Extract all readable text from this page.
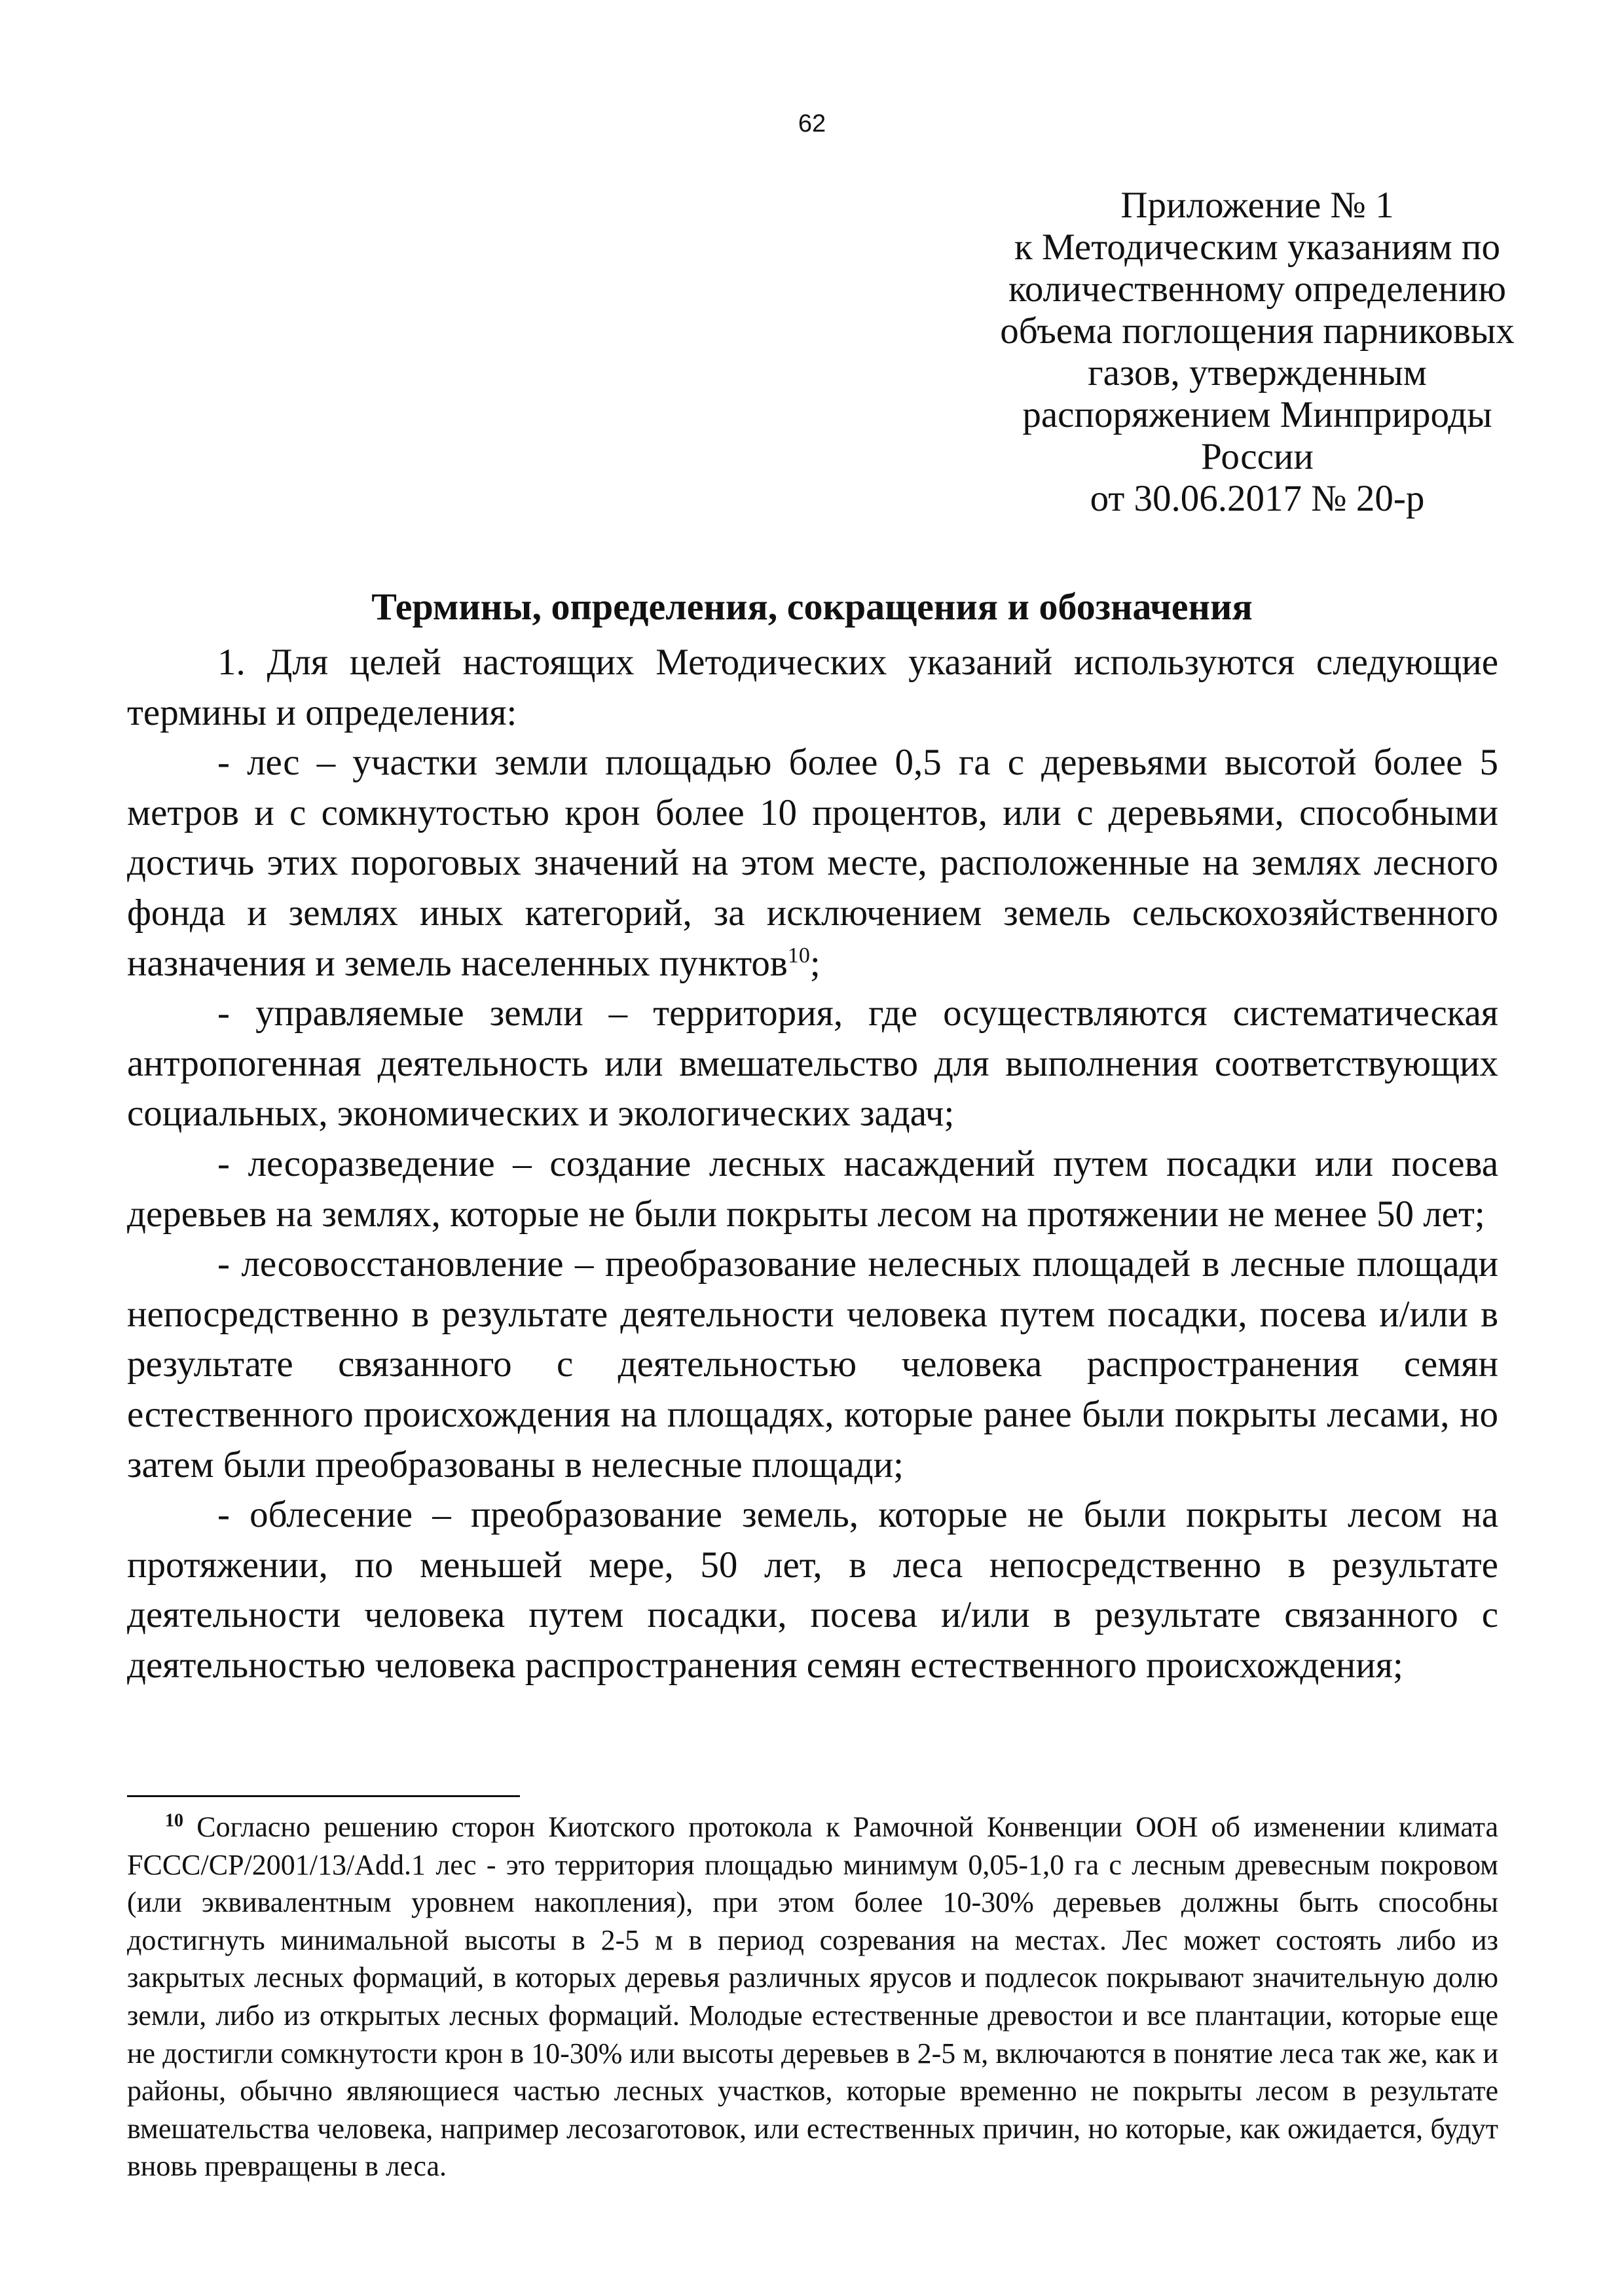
62
Приложение № 1
к Методическим указаниям по
количественному определению
объема поглощения парниковых
газов, утвержденным
распоряжением Минприроды
России
от 30.06.2017 № 20-р
Термины, определения, сокращения и обозначения

1. Для целей настоящих Методических указаний используются следующие термины и определения:

- лес – участки земли площадью более 0,5 га с деревьями высотой более 5 метров и с сомкнутостью крон более 10 процентов, или с деревьями, способными достичь этих пороговых значений на этом месте, расположенные на землях лесного фонда и землях иных категорий, за исключением земель сельскохозяйственного назначения и земель населенных пунктов$^{10}$;

- управляемые земли – территория, где осуществляются систематическая антропогенная деятельность или вмешательство для выполнения соответствующих социальных, экономических и экологических задач;

- лесоразведение – создание лесных насаждений путем посадки или посева деревьев на землях, которые не были покрыты лесом на протяжении не менее 50 лет;

- лесовосстановление – преобразование нелесных площадей в лесные площади непосредственно в результате деятельности человека путем посадки, посева и/или в результате связанного с деятельностью человека распространения семян естественного происхождения на площадях, которые ранее были покрыты лесами, но затем были преобразованы в нелесные площади;

- облесение – преобразование земель, которые не были покрыты лесом на протяжении, по меньшей мере, 50 лет, в леса непосредственно в результате деятельности человека путем посадки, посева и/или в результате связанного с деятельностью человека распространения семян естественного происхождения;

$^{10}$ Согласно решению сторон Киотского протокола к Рамочной Конвенции ООН об изменении климата FCCC/CP/2001/13/Add.1 лес - это территория площадью минимум 0,05-1,0 га с лесным древесным покровом (или эквивалентным уровнем накопления), при этом более 10-30% деревьев должны быть способны достигнуть минимальной высоты в 2-5 м в период созревания на местах. Лес может состоять либо из закрытых лесных формаций, в которых деревья различных ярусов и подлесок покрывают значительную долю земли, либо из открытых лесных формаций. Молодые естественные древостои и все плантации, которые еще не достигли сомкнутости крон в 10-30% или высоты деревьев в 2-5 м, включаются в понятие леса так же, как и районы, обычно являющиеся частью лесных участков, которые временно не покрыты лесом в результате вмешательства человека, например лесозаготовок, или естественных причин, но которые, как ожидается, будут вновь превращены в леса.
